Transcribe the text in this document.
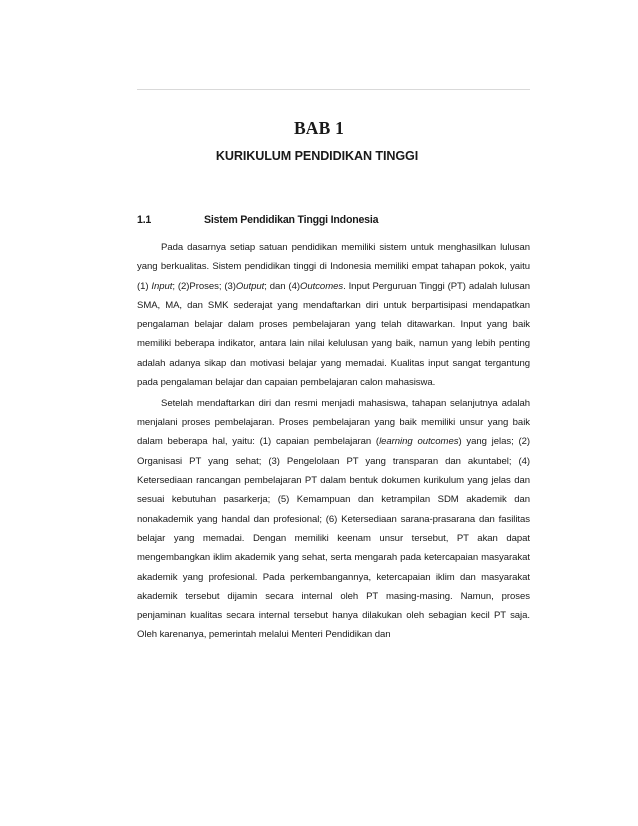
BAB 1
KURIKULUM PENDIDIKAN TINGGI
1.1	Sistem Pendidikan Tinggi Indonesia

Pada dasarnya setiap satuan pendidikan memiliki sistem untuk menghasilkan lulusan yang berkualitas. Sistem pendidikan tinggi di Indonesia memiliki empat tahapan pokok, yaitu (1) Input; (2)Proses; (3)Output; dan (4)Outcomes. Input Perguruan Tinggi (PT) adalah lulusan SMA, MA, dan SMK sederajat yang mendaftarkan diri untuk berpartisipasi mendapatkan pengalaman belajar dalam proses pembelajaran yang telah ditawarkan. Input yang baik memiliki beberapa indikator, antara lain nilai kelulusan yang baik, namun yang lebih penting adalah adanya sikap dan motivasi belajar yang memadai. Kualitas input sangat tergantung pada pengalaman belajar dan capaian pembelajaran calon mahasiswa.

Setelah mendaftarkan diri dan resmi menjadi mahasiswa, tahapan selanjutnya adalah menjalani proses pembelajaran. Proses pembelajaran yang baik memiliki unsur yang baik dalam beberapa hal, yaitu: (1) capaian pembelajaran (learning outcomes) yang jelas; (2) Organisasi PT yang sehat; (3) Pengelolaan PT yang transparan dan akuntabel; (4) Ketersediaan rancangan pembelajaran PT dalam bentuk dokumen kurikulum yang jelas dan sesuai kebutuhan pasarkerja; (5) Kemampuan dan ketrampilan SDM akademik dan nonakademik yang handal dan profesional; (6) Ketersediaan sarana-prasarana dan fasilitas belajar yang memadai. Dengan memiliki keenam unsur tersebut, PT akan dapat mengembangkan iklim akademik yang sehat, serta mengarah pada ketercapaian masyarakat akademik yang profesional. Pada perkembangannya, ketercapaian iklim dan masyarakat akademik tersebut dijamin secara internal oleh PT masing-masing. Namun, proses penjaminan kualitas secara internal tersebut hanya dilakukan oleh sebagian kecil PT saja. Oleh karenanya, pemerintah melalui Menteri Pendidikan dan
